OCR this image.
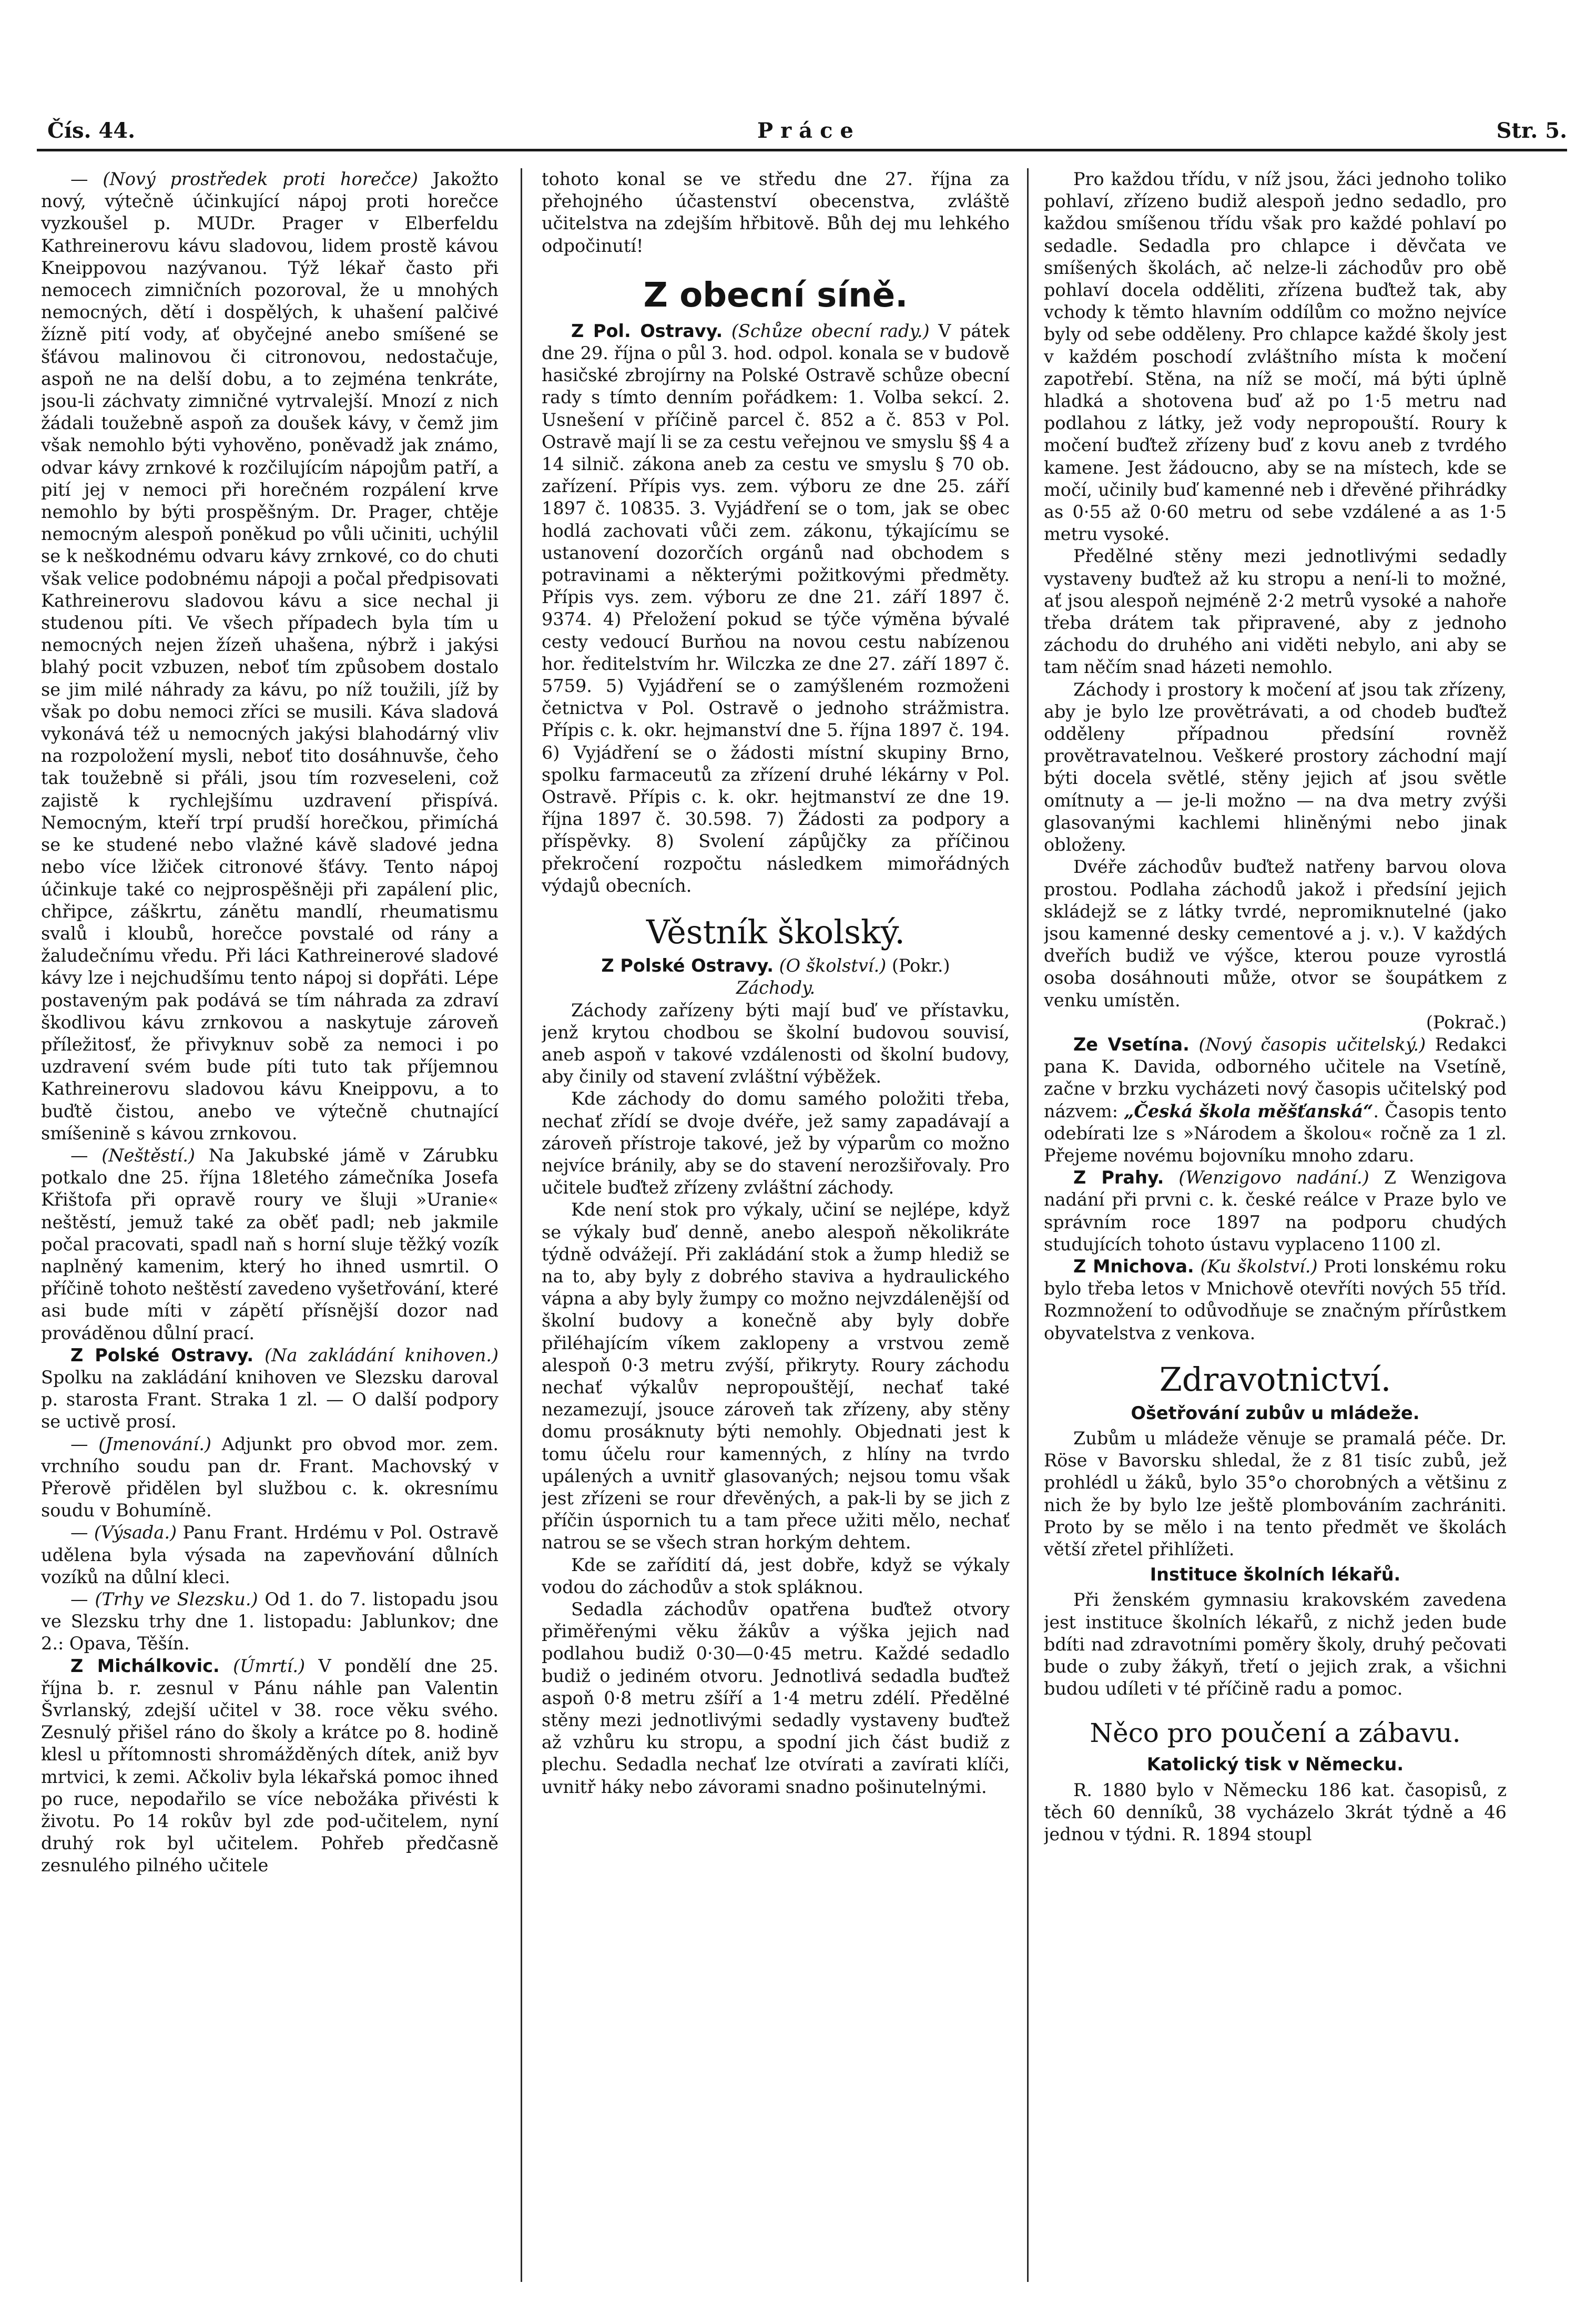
Čís. 44.	Práce	Str. 5.

— (Nový prostředek proti horečce) Jakožto nový, výtečně účinkující nápoj proti horečce vyzkoušel p. MUDr. Prager v Elberfeldu Kathreinerovu kávu sladovou, lidem prostě kávou Kneippovou nazývanou. Týž lékař často při nemocech zimničních pozoroval, že u mnohých nemocných, dětí i dospělých, k uhašení palčivé žízně pití vody, ať obyčejné anebo smíšené se šťávou malinovou či citronovou, nedostačuje, aspoň ne na delší dobu, a to zejména tenkráte, jsou-li záchvaty zimničné vytrvalejší. Mnozí z nich žádali toužebně aspoň za doušek kávy, v čemž jim však nemohlo býti vyhověno, poněvadž jak známo, odvar kávy zrnkové k rozčilujícím nápojům patří, a pití jej v nemoci při horečném rozpálení krve nemohlo by býti prospěšným. Dr. Prager, chtěje nemocným alespoň poněkud po vůli učiniti, uchýlil se k neškodnému odvaru kávy zrnkové, co do chuti však velice podobnému nápoji a počal předpisovati Kathreinerovu sladovou kávu a sice nechal ji studenou píti. Ve všech případech byla tím u nemocných nejen žízeň uhašena, nýbrž i jakýsi blahý pocit vzbuzen, neboť tím způsobem dostalo se jim milé náhrady za kávu, po níž toužili, jíž by však po dobu nemoci zříci se musili. Káva sladová vykonává též u nemocných jakýsi blahodárný vliv na rozpoložení mysli, neboť tito dosáhnuvše, čeho tak toužebně si přáli, jsou tím rozveseleni, což zajistě k rychlejšímu uzdravení přispívá. Nemocným, kteří trpí prudší horečkou, přimíchá se ke studené nebo vlažné kávě sladové jedna nebo více lžiček citronové šťávy. Tento nápoj účinkuje také co nejprospěšněji při zapálení plic, chřipce, záškrtu, zánětu mandlí, rheumatismu svalů i kloubů, horečce povstalé od rány a žaludečnímu vředu. Při láci Kathreinerové sladové kávy lze i nejchudšímu tento nápoj si dopřáti. Lépe postaveným pak podává se tím náhrada za zdraví škodlivou kávu zrnkovou a naskytuje zároveň příležitosť, že přivyknuv sobě za nemoci i po uzdravení svém bude píti tuto tak příjemnou Kathreinerovu sladovou kávu Kneippovu, a to buďtě čistou, anebo ve výtečně chutnající smíšenině s kávou zrnkovou.

— (Neštěstí.) Na Jakubské jámě v Zárubku potkalo dne 25. října 18letého zámečníka Josefa Křištofa při opravě roury ve šluji »Uranie« neštěstí, jemuž také za oběť padl; neb jakmile počal pracovati, spadl naň s horní sluje těžký vozík naplněný kamenim, který ho ihned usmrtil. O příčině tohoto neštěstí zavedeno vyšetřování, které asi bude míti v zápětí přísnější dozor nad prováděnou důlní prací.

Z Polské Ostravy. (Na zakládání knihoven.) Spolku na zakládání knihoven ve Slezsku daroval p. starosta Frant. Straka 1 zl. — O další podpory se uctivě prosí.

— (Jmenování.) Adjunkt pro obvod mor. zem. vrchního soudu pan dr. Frant. Machovský v Přerově přidělen byl službou c. k. okresnímu soudu v Bohumíně.

— (Výsada.) Panu Frant. Hrdému v Pol. Ostravě udělena byla výsada na zapevňování důlních vozíků na důlní kleci.

— (Trhy ve Slezsku.) Od 1. do 7. listopadu jsou ve Slezsku trhy dne 1. listopadu: Jablunkov; dne 2.: Opava, Těšín.

Z Michálkovic. (Úmrtí.) V pondělí dne 25. října b. r. zesnul v Pánu náhle pan Valentin Švrlanský, zdejší učitel v 38. roce věku svého. Zesnulý přišel ráno do školy a krátce po 8. hodině klesl u přítomnosti shromážděných dítek, aniž byv mrtvici, k zemi. Ačkoliv byla lékařská pomoc ihned po ruce, nepodařilo se více nebožáka přivésti k životu. Po 14 rokův byl zde pod-učitelem, nyní druhý rok byl učitelem. Pohřeb předčasně zesnulého pilného učitele

tohoto konal se ve středu dne 27. října za přehojného účastenství obecenstva, zvláště učitelstva na zdejším hřbitově. Bůh dej mu lehkého odpočinutí!

Z obecní síně.

Z Pol. Ostravy. (Schůze obecní rady.) V pátek dne 29. října o půl 3. hod. odpol. konala se v budově hasičské zbrojírny na Polské Ostravě schůze obecní rady s tímto denním pořádkem: 1. Volba sekcí. 2. Usnešení v příčině parcel č. 852 a č. 853 v Pol. Ostravě mají li se za cestu veřejnou ve smyslu §§ 4 a 14 silnič. zákona aneb za cestu ve smyslu § 70 ob. zařízení. Přípis vys. zem. výboru ze dne 25. září 1897 č. 10835. 3. Vyjádření se o tom, jak se obec hodlá zachovati vůči zem. zákonu, týkajícímu se ustanovení dozorčích orgánů nad obchodem s potravinami a některými požitkovými předměty. Přípis vys. zem. výboru ze dne 21. září 1897 č. 9374. 4) Přeložení pokud se týče výměna bývalé cesty vedoucí Burňou na novou cestu nabízenou hor. ředitelstvím hr. Wilczka ze dne 27. září 1897 č. 5759. 5) Vyjádření se o zamýšleném rozmoženi četnictva v Pol. Ostravě o jednoho strážmistra. Přípis c. k. okr. hejmanství dne 5. října 1897 č. 194. 6) Vyjádření se o žádosti místní skupiny Brno, spolku farmaceutů za zřízení druhé lékárny v Pol. Ostravě. Přípis c. k. okr. hejtmanství ze dne 19. října 1897 č. 30.598. 7) Žádosti za podpory a příspěvky. 8) Svolení zápůjčky za příčinou překročení rozpočtu následkem mimořádných výdajů obecních.

Věstník školský.

Z Polské Ostravy. (O školství.) (Pokr.)

Záchody.

Záchody zařízeny býti mají buď ve přístavku, jenž krytou chodbou se školní budovou souvisí, aneb aspoň v takové vzdálenosti od školní budovy, aby činily od stavení zvláštní výběžek.

Kde záchody do domu samého položiti třeba, nechať zřídí se dvoje dvéře, jež samy zapadávají a zároveň přístroje takové, jež by výparům co možno nejvíce bránily, aby se do stavení nerozšiřovaly. Pro učitele buďtež zřízeny zvláštní záchody.

Kde není stok pro výkaly, učiní se nejlépe, když se výkaly buď denně, anebo alespoň několikráte týdně odvážejí. Při zakládání stok a žump hlediž se na to, aby byly z dobrého staviva a hydraulického vápna a aby byly žumpy co možno nejvzdálenější od školní budovy a konečně aby byly dobře přiléhajícím víkem zaklopeny a vrstvou země alespoň 0·3 metru zvýší, přikryty. Roury záchodu nechať výkalův nepropouštějí, nechať také nezamezují, jsouce zároveň tak zřízeny, aby stěny domu prosáknuty býti nemohly. Objednati jest k tomu účelu rour kamenných, z hlíny na tvrdo upálených a uvnitř glasovaných; nejsou tomu však jest zřízeni se rour dřevěných, a pak-li by se jich z příčin úspornich tu a tam přece užiti mělo, nechať natrou se se všech stran horkým dehtem.

Kde se zařídití dá, jest dobře, když se výkaly vodou do záchodův a stok spláknou.

Sedadla záchodův opatřena buďtež otvory přiměřenými věku žákův a výška jejich nad podlahou budiž 0·30—0·45 metru. Každé sedadlo budiž o jediném otvoru. Jednotlivá sedadla buďtež aspoň 0·8 metru zšíří a 1·4 metru zdélí. Předělné stěny mezi jednotlivými sedadly vystaveny buďtež až vzhůru ku stropu, a spodní jich část budiž z plechu. Sedadla nechať lze otvírati a zavírati klíči, uvnitř háky nebo závorami snadno pošinutelnými.

Pro každou třídu, v níž jsou, žáci jednoho toliko pohlaví, zřízeno budiž alespoň jedno sedadlo, pro každou smíšenou třídu však pro každé pohlaví po sedadle. Sedadla pro chlapce i děvčata ve smíšených školách, ač nelze-li záchodův pro obě pohlaví docela odděliti, zřízena buďtež tak, aby vchody k těmto hlavním oddílům co možno nejvíce byly od sebe odděleny. Pro chlapce každé školy jest v každém poschodí zvláštního místa k močení zapotřebí. Stěna, na níž se močí, má býti úplně hladká a shotovena buď až po 1·5 metru nad podlahou z látky, jež vody nepropouští. Roury k močení buďtež zřízeny buď z kovu aneb z tvrdého kamene. Jest žádoucno, aby se na místech, kde se močí, učinily buď kamenné neb i dřevěné přihrádky as 0·55 až 0·60 metru od sebe vzdálené a as 1·5 metru vysoké.

Předělné stěny mezi jednotlivými sedadly vystaveny buďtež až ku stropu a není-li to možné, ať jsou alespoň nejméně 2·2 metrů vysoké a nahoře třeba drátem tak připravené, aby z jednoho záchodu do druhého ani viděti nebylo, ani aby se tam něčím snad házeti nemohlo.

Záchody i prostory k močení ať jsou tak zřízeny, aby je bylo lze provětrávati, a od chodeb buďtež odděleny případnou předsíní rovněž provětravatelnou. Veškeré prostory záchodní mají býti docela světlé, stěny jejich ať jsou světle omítnuty a — je-li možno — na dva metry zvýši glasovanými kachlemi hliněnými nebo jinak obloženy.

Dvéře záchodův buďtež natřeny barvou olova prostou. Podlaha záchodů jakož i předsíní jejich skládejž se z látky tvrdé, nepromiknutelné (jako jsou kamenné desky cementové a j. v.). V každých dveřích budiž ve výšce, kterou pouze vyrostlá osoba dosáhnouti může, otvor se šoupátkem z venku umístěn.

(Pokrač.)

Ze Vsetína. (Nový časopis učitelský.) Redakci pana K. Davida, odborného učitele na Vsetíně, začne v brzku vycházeti nový časopis učitelský pod názvem: „Česká škola měšťanská“. Časopis tento odebírati lze s »Národem a školou« ročně za 1 zl. Přejeme novému bojovníku mnoho zdaru.

Z Prahy. (Wenzigovo nadání.) Z Wenzigova nadání při prvni c. k. české reálce v Praze bylo ve správním roce 1897 na podporu chudých studujících tohoto ústavu vyplaceno 1100 zl.

Z Mnichova. (Ku školství.) Proti lonskému roku bylo třeba letos v Mnichově otevříti nových 55 tříd. Rozmnožení to odůvodňuje se značným přírůstkem obyvatelstva z venkova.

Zdravotnictví.

Ošetřování zubův u mládeže.

Zubům u mládeže věnuje se pramalá péče. Dr. Röse v Bavorsku shledal, že z 81 tisíc zubů, jež prohlédl u žáků, bylo 35°o chorobných a většinu z nich že by bylo lze ještě plombováním zachrániti. Proto by se mělo i na tento předmět ve školách větší zřetel přihlížeti.

Instituce školních lékařů.

Při ženském gymnasiu krakovském zavedena jest instituce školních lékařů, z nichž jeden bude bdíti nad zdravotními poměry školy, druhý pečovati bude o zuby žákyň, třetí o jejich zrak, a všichni budou udíleti v té příčině radu a pomoc.

Něco pro poučení a zábavu.

Katolický tisk v Německu.

R. 1880 bylo v Německu 186 kat. časopisů, z těch 60 denníků, 38 vycházelo 3krát týdně a 46 jednou v týdni. R. 1894 stoupl
